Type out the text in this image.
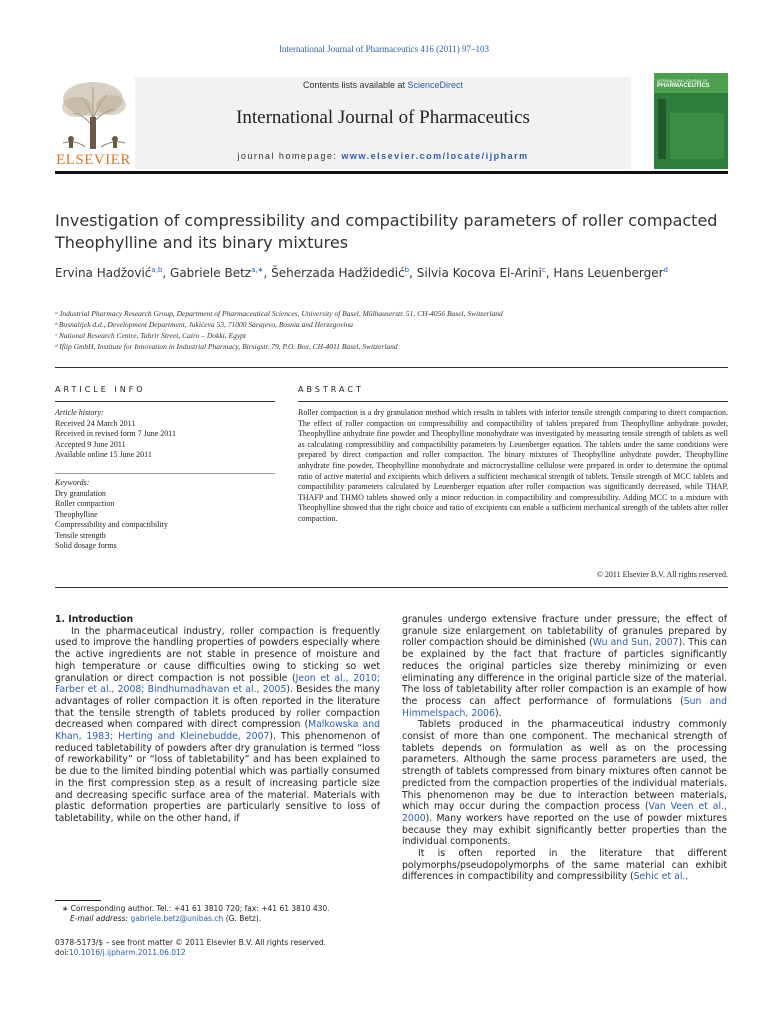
International Journal of Pharmaceutics 416 (2011) 97–103
ELSEVIER
Contents lists available at ScienceDirect
International Journal of Pharmaceutics
journal homepage: www.elsevier.com/locate/ijpharm
INTERNATIONAL JOURNAL OF
PHARMACEUTICS
Investigation of compressibility and compactibility parameters of roller compacted Theophylline and its binary mixtures
Ervina Hadžović$^{a,b}$, Gabriele Betz$^{a,∗}$, Šeherzada Hadžidedić$^b$, Silvia Kocova El-Arini$^c$, Hans Leuenberger$^d$
ᵃ Industrial Pharmacy Research Group, Department of Pharmaceutical Sciences, University of Basel, Mülhauserstr. 51, CH-4056 Basel, Switzerland
ᵇ Bosnalijek d.d., Development Department, Jukićeva 53, 71000 Sarajevo, Bosnia and Herzegovina
ᶜ National Research Centre, Tahrir Street, Cairo – Dokki, Egypt
ᵈ Ifiip GmbH, Institute for Innovation in Industrial Pharmacy, Birsigstr. 79, P.O. Box, CH-4011 Basel, Switzerland
ARTICLE INFO	ABSTRACT
Article history:
Received 24 March 2011
Received in revised form 7 June 2011
Accepted 9 June 2011
Available online 15 June 2011
Keywords:
Dry granulation
Roller compaction
Theophylline
Compressibility and compactibility
Tensile strength
Solid dosage forms
Roller compaction is a dry granulation method which results in tablets with inferior tensile strength comparing to direct compaction. The effect of roller compaction on compressibility and compactibility of tablets prepared from Theophylline anhydrate powder, Theophylline anhydrate fine powder and Theophylline monohydrate was investigated by measuring tensile strength of tablets as well as calculating compressibility and compactibility parameters by Leuenberger equation. The tablets under the same conditions were prepared by direct compaction and roller compaction. The binary mixtures of Theophylline anhydrate powder, Theophylline anhydrate fine powder, Theophylline monohydrate and microcrystalline cellulose were prepared in order to determine the optimal ratio of active material and excipients which delivers a sufficient mechanical strength of tablets. Tensile strength of MCC tablets and compactibility parameters calculated by Leuenberger equation after roller compaction was significantly decreased, while THAP, THAFP and THMO tablets showed only a minor reduction in compactibility and compressibility. Adding MCC to a mixture with Theophylline showed that the right choice and ratio of excipients can enable a sufficient mechanical strength of the tablets after roller compaction.
© 2011 Elsevier B.V. All rights reserved.

1. Introduction

In the pharmaceutical industry, roller compaction is frequently used to improve the handling properties of powders especially where the active ingredients are not stable in presence of moisture and high temperature or cause difficulties owing to sticking so wet granulation or direct compaction is not possible (Jeon et al., 2010; Farber et al., 2008; Bindhumadhavan et al., 2005). Besides the many advantages of roller compaction it is often reported in the literature that the tensile strength of tablets produced by roller compaction decreased when compared with direct compression (Malkowska and Khan, 1983; Herting and Kleinebudde, 2007). This phenomenon of reduced tabletability of powders after dry granulation is termed “loss of reworkability” or “loss of tabletability” and has been explained to be due to the limited binding potential which was partially consumed in the first compression step as a result of increasing particle size and decreasing specific surface area of the material. Materials with plastic deformation properties are particularly sensitive to loss of tabletability, while on the other hand, if

granules undergo extensive fracture under pressure, the effect of granule size enlargement on tabletability of granules prepared by roller compaction should be diminished (Wu and Sun, 2007). This can be explained by the fact that fracture of particles significantly reduces the original particles size thereby minimizing or even eliminating any difference in the original particle size of the material. The loss of tabletability after roller compaction is an example of how the process can affect performance of formulations (Sun and Himmelspach, 2006).

Tablets produced in the pharmaceutical industry commonly consist of more than one component. The mechanical strength of tablets depends on formulation as well as on the processing parameters. Although the same process parameters are used, the strength of tablets compressed from binary mixtures often cannot be predicted from the compaction properties of the individual materials. This phenomenon may be due to interaction between materials, which may occur during the compaction process (Van Veen et al., 2000). Many workers have reported on the use of powder mixtures because they may exhibit significantly better properties than the individual components.

It is often reported in the literature that different polymorphs/pseudopolymorphs of the same material can exhibit differences in compactibility and compressibility (Sehic et al.,

∗ Corresponding author. Tel.: +41 61 3810 720; fax: +41 61 3810 430.
E-mail address: gabriele.betz@unibas.ch (G. Betz).
0378-5173/$ – see front matter © 2011 Elsevier B.V. All rights reserved.
doi:10.1016/j.ijpharm.2011.06.012
